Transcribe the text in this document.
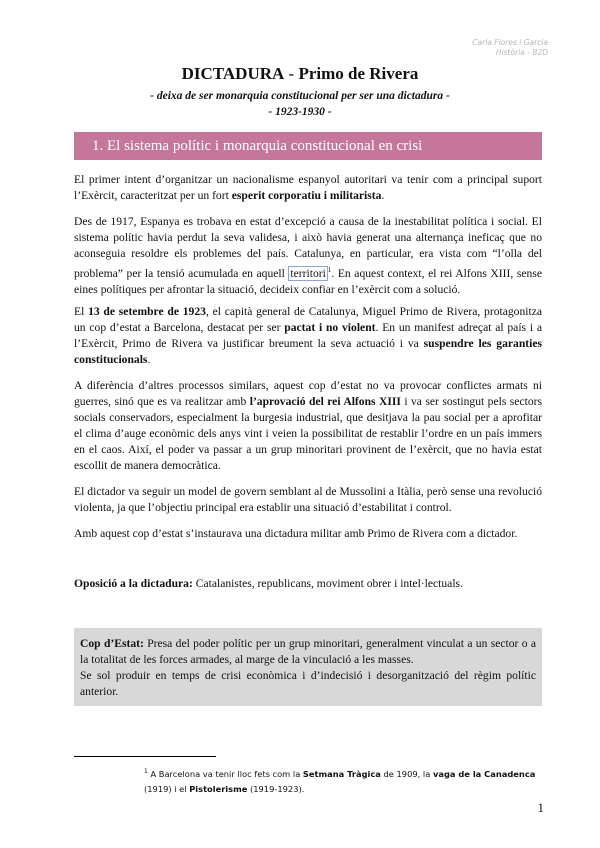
Carla Flores i Garcia
Història - B2D
DICTADURA - Primo de Rivera
- deixa de ser monarquia constitucional per ser una dictadura -
- 1923-1930 -
1. El sistema polític i monarquia constitucional en crisi

El primer intent d’organitzar un nacionalisme espanyol autoritari va tenir com a principal suport l’Exèrcit, caracteritzat per un fort esperit corporatiu i militarista.

Des de 1917, Espanya es trobava en estat d’excepció a causa de la inestabilitat política i social. El sistema polític havia perdut la seva validesa, i això havia generat una alternança ineficaç que no aconseguia resoldre els problemes del país. Catalunya, en particular, era vista com “l’olla del problema” per la tensió acumulada en aquell territori $^1$. En aquest context, el rei Alfons XIII, sense eines polítiques per afrontar la situació, decideix confiar en l’exèrcit com a solució.

El 13 de setembre de 1923, el capità general de Catalunya, Miguel Primo de Rivera, protagonitza un cop d’estat a Barcelona, destacat per ser pactat i no violent. En un manifest adreçat al país i a l’Exèrcit, Primo de Rivera va justificar breument la seva actuació i va suspendre les garanties constitucionals.

A diferència d’altres processos similars, aquest cop d’estat no va provocar conflictes armats ni guerres, sinó que es va realitzar amb l’aprovació del rei Alfons XIII i va ser sostingut pels sectors socials conservadors, especialment la burgesia industrial, que desitjava la pau social per a aprofitar el clima d’auge econòmic dels anys vint i veien la possibilitat de restablir l’ordre en un país immers en el caos. Així, el poder va passar a un grup minoritari provinent de l’exèrcit, que no havia estat escollit de manera democràtica.

El dictador va seguir un model de govern semblant al de Mussolini a Itàlia, però sense una revolució violenta, ja que l’objectiu principal era establir una situació d’estabilitat i control.

Amb aquest cop d’estat s’instaurava una dictadura militar amb Primo de Rivera com a dictador.

Oposició a la dictadura: Catalanistes, republicans, moviment obrer i intel·lectuals.

Cop d’Estat: Presa del poder polític per un grup minoritari, generalment vinculat a un sector o a la totalitat de les forces armades, al marge de la vinculació a les masses.
Se sol produir en temps de crisi econòmica i d’indecisió i desorganització del règim polític anterior.
$^1$ A Barcelona va tenir lloc fets com la Setmana Tràgica de 1909, la vaga de la Canadenca (1919) i el Pistolerisme (1919-1923).
1
